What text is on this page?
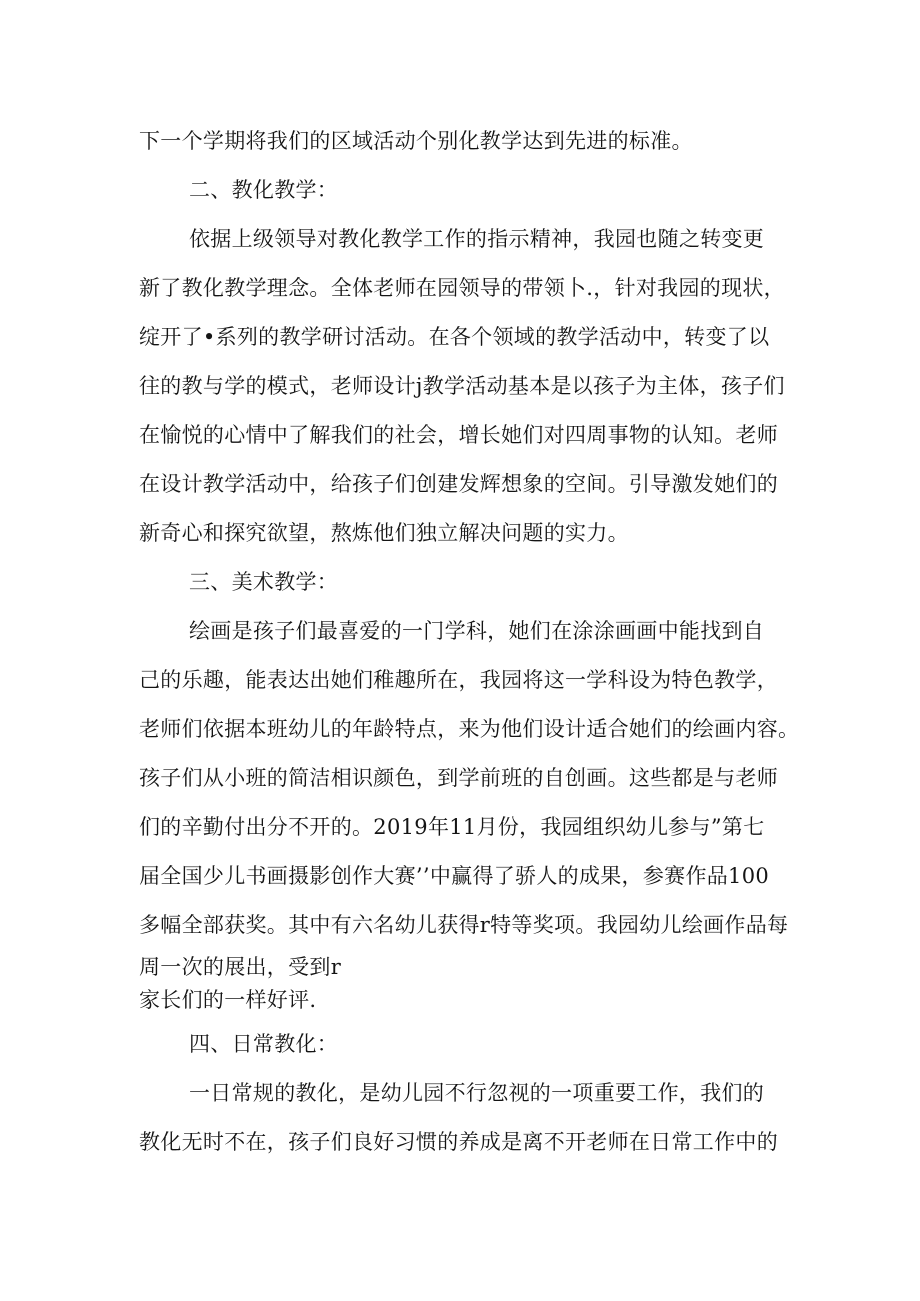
下一个学期将我们的区域活动个别化教学达到先进的标准。
二、教化教学：
依据上级领导对教化教学工作的指示精神，我园也随之转变更
新了教化教学理念。全体老师在园领导的带领卜.，针对我园的现状，
绽开了•系列的教学研讨活动。在各个领域的教学活动中，转变了以
往的教与学的模式，老师设计j教学活动基本是以孩子为主体，孩子们
在愉悦的心情中了解我们的社会，增长她们对四周事物的认知。老师
在设计教学活动中，给孩子们创建发辉想象的空间。引导激发她们的
新奇心和探究欲望，熬炼他们独立解决问题的实力。
三、美术教学：
绘画是孩子们最喜爱的一门学科，她们在涂涂画画中能找到自
己的乐趣，能表达出她们稚趣所在，我园将这一学科设为特色教学，
老师们依据本班幼儿的年龄特点，来为他们设计适合她们的绘画内容。
孩子们从小班的简洁相识颜色，到学前班的自创画。这些都是与老师
们的辛勤付出分不开的。2019年11月份，我园组织幼儿参与”第七
届全国少儿书画摄影创作大赛’’中赢得了骄人的成果，参赛作品100
多幅全部获奖。其中有六名幼儿获得r特等奖项。我园幼儿绘画作品每
周一次的展出，受到r
家长们的一样好评.
四、日常教化：
一日常规的教化，是幼儿园不行忽视的一项重要工作，我们的
教化无时不在，孩子们良好习惯的养成是离不开老师在日常工作中的
